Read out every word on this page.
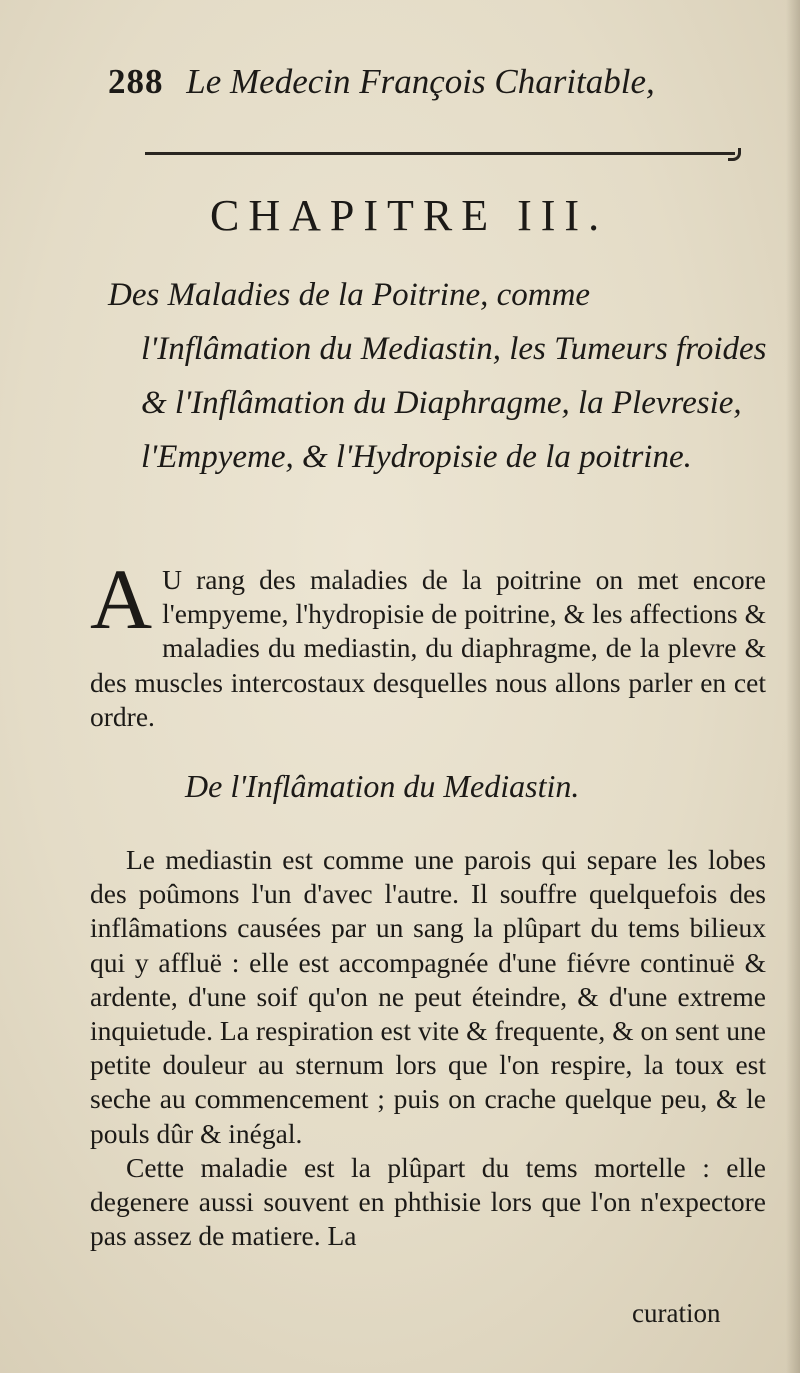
288 Le Medecin François Charitable,
CHAPITRE III.
Des Maladies de la Poitrine, comme l'Inflâmation du Mediastin, les Tumeurs froides & l'Inflâmation du Diaphragme, la Plevresie, l'Empyeme, & l'Hydropisie de la poitrine.
A U rang des maladies de la poitrine on met encore l'empyeme, l'hydropisie de poitrine, & les affections & maladies du mediastin, du diaphragme, de la plevre & des muscles intercostaux desquelles nous allons parler en cet ordre.
De l'Inflâmation du Mediastin.

Le mediastin est comme une parois qui separe les lobes des poûmons l'un d'avec l'autre. Il souffre quelquefois des inflâmations causées par un sang la plûpart du tems bilieux qui y affluë : elle est accompagnée d'une fiévre continuë & ardente, d'une soif qu'on ne peut éteindre, & d'une extreme inquietude. La respiration est vite & frequente, & on sent une petite douleur au sternum lors que l'on respire, la toux est seche au commencement ; puis on crache quelque peu, & le pouls dûr & inégal.

Cette maladie est la plûpart du tems mortelle : elle degenere aussi souvent en phthisie lors que l'on n'expectore pas assez de matiere. La

curation
